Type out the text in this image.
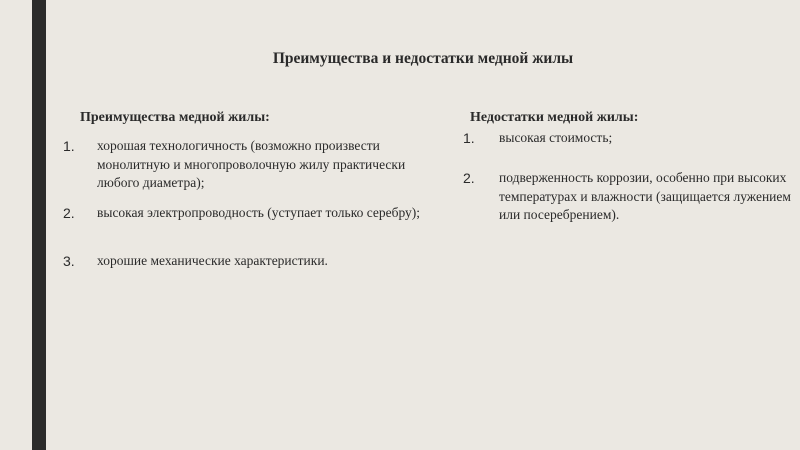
Преимущества и недостатки медной жилы
Преимущества медной жилы:
1. хорошая технологичность (возможно произвести монолитную и многопроволочную жилу практически любого диаметра);
2. высокая электропроводность (уступает только серебру);
3. хорошие механические характеристики.
Недостатки медной жилы:
1. высокая стоимость;
2. подверженность коррозии, особенно при высоких температурах и влажности (защищается лужением или посеребрением).
